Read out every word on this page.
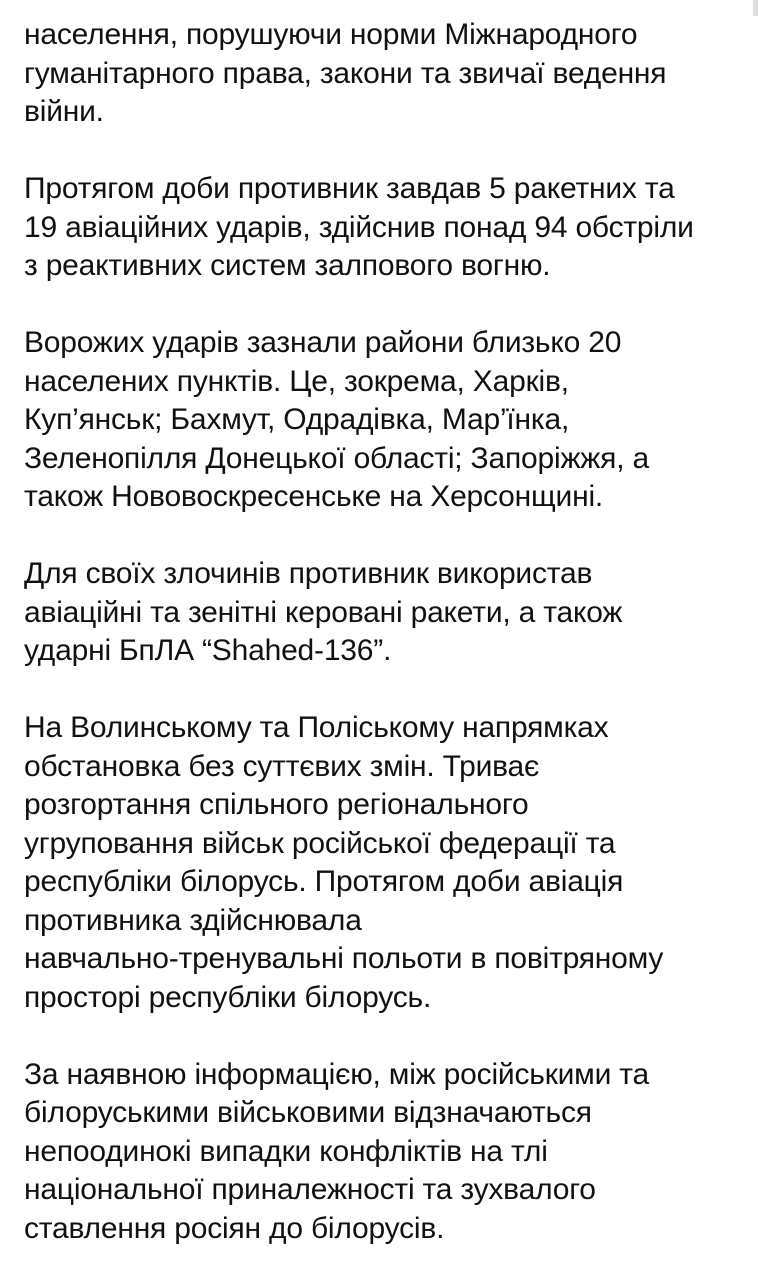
населення, порушуючи норми Міжнародного
гуманітарного права, закони та звичаї ведення
війни.

Протягом доби противник завдав 5 ракетних та
19 авіаційних ударів, здійснив понад 94 обстріли
з реактивних систем залпового вогню.

Ворожих ударів зазнали райони близько 20
населених пунктів. Це, зокрема, Харків,
Куп’янськ; Бахмут, Одрадівка, Мар’їнка,
Зеленопілля Донецької області; Запоріжжя, а
також Нововоскресенське на Херсонщині.

Для своїх злочинів противник використав
авіаційні та зенітні керовані ракети, а також
ударні БпЛА “Shahed-136”.

На Волинському та Поліському напрямках
обстановка без суттєвих змін. Триває
розгортання спільного регіонального
угруповання військ російської федерації та
республіки білорусь. Протягом доби авіація
противника здійснювала
навчально-тренувальні польоти в повітряному
просторі республіки білорусь.

За наявною інформацією, між російськими та
білоруськими військовими відзначаються
непоодинокі випадки конфліктів на тлі
національної приналежності та зухвалого
ставлення росіян до білорусів.
